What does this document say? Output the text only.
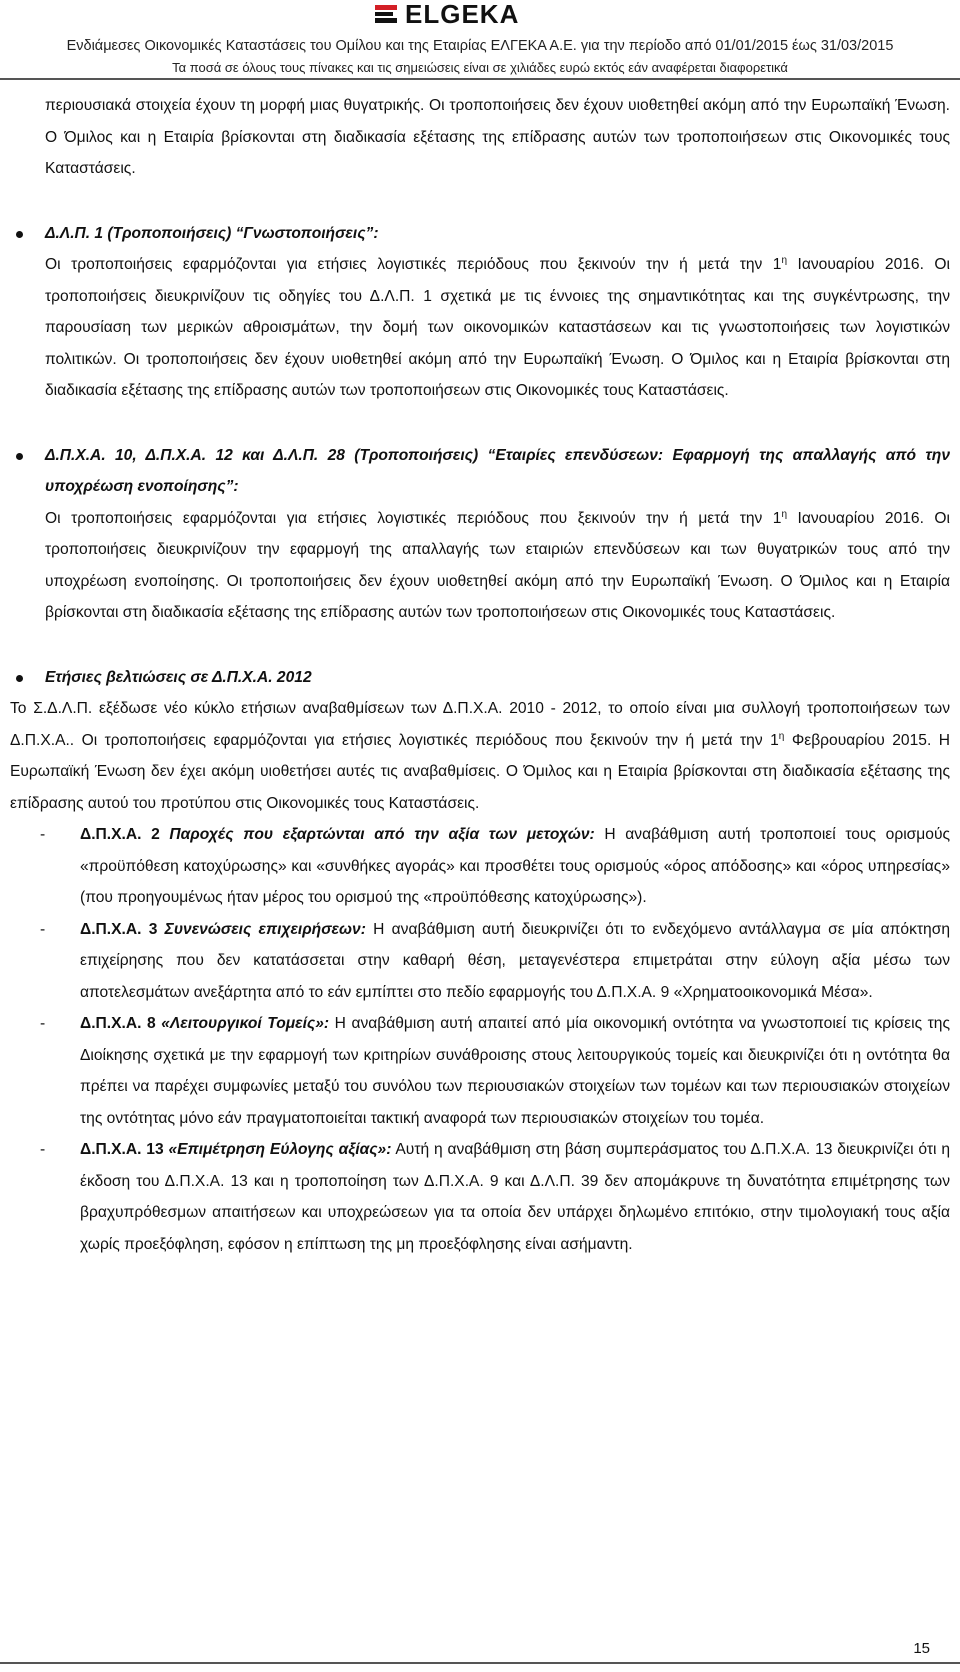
ELGEKA
Ενδιάμεσες Οικονομικές Καταστάσεις του Ομίλου και της Εταιρίας ΕΛΓΕΚΑ Α.Ε. για την περίοδο από 01/01/2015 έως 31/03/2015
Τα ποσά σε όλους τους πίνακες και τις σημειώσεις είναι σε χιλιάδες ευρώ εκτός εάν αναφέρεται διαφορετικά

περιουσιακά στοιχεία έχουν τη μορφή μιας θυγατρικής. Οι τροποποιήσεις δεν έχουν υιοθετηθεί ακόμη από την Ευρωπαϊκή Ένωση. Ο Όμιλος και η Εταιρία βρίσκονται στη διαδικασία εξέτασης της επίδρασης αυτών των τροποποιήσεων στις Οικονομικές τους Καταστάσεις.

Δ.Λ.Π. 1 (Τροποποιήσεις) “Γνωστοποιήσεις”:

Οι τροποποιήσεις εφαρμόζονται για ετήσιες λογιστικές περιόδους που ξεκινούν την ή μετά την $1^\eta$ Ιανουαρίου 2016. Οι τροποποιήσεις διευκρινίζουν τις οδηγίες του Δ.Λ.Π. 1 σχετικά με τις έννοιες της σημαντικότητας και της συγκέντρωσης, την παρουσίαση των μερικών αθροισμάτων, την δομή των οικονομικών καταστάσεων και τις γνωστοποιήσεις των λογιστικών πολιτικών. Οι τροποποιήσεις δεν έχουν υιοθετηθεί ακόμη από την Ευρωπαϊκή Ένωση. Ο Όμιλος και η Εταιρία βρίσκονται στη διαδικασία εξέτασης της επίδρασης αυτών των τροποποιήσεων στις Οικονομικές τους Καταστάσεις.

Δ.Π.Χ.Α. 10, Δ.Π.Χ.Α. 12 και Δ.Λ.Π. 28 (Τροποποιήσεις) “Εταιρίες επενδύσεων: Εφαρμογή της απαλλαγής από την υποχρέωση ενοποίησης”:

Οι τροποποιήσεις εφαρμόζονται για ετήσιες λογιστικές περιόδους που ξεκινούν την ή μετά την $1^\eta$ Ιανουαρίου 2016. Οι τροποποιήσεις διευκρινίζουν την εφαρμογή της απαλλαγής των εταιριών επενδύσεων και των θυγατρικών τους από την υποχρέωση ενοποίησης. Οι τροποποιήσεις δεν έχουν υιοθετηθεί ακόμη από την Ευρωπαϊκή Ένωση. Ο Όμιλος και η Εταιρία βρίσκονται στη διαδικασία εξέτασης της επίδρασης αυτών των τροποποιήσεων στις Οικονομικές τους Καταστάσεις.

Ετήσιες βελτιώσεις σε Δ.Π.Χ.Α. 2012

Το Σ.Δ.Λ.Π. εξέδωσε νέο κύκλο ετήσιων αναβαθμίσεων των Δ.Π.Χ.Α. 2010 - 2012, το οποίο είναι μια συλλογή τροποποιήσεων των Δ.Π.Χ.Α.. Οι τροποποιήσεις εφαρμόζονται για ετήσιες λογιστικές περιόδους που ξεκινούν την ή μετά την $1^\eta$ Φεβρουαρίου 2015. Η Ευρωπαϊκή Ένωση δεν έχει ακόμη υιοθετήσει αυτές τις αναβαθμίσεις. Ο Όμιλος και η Εταιρία βρίσκονται στη διαδικασία εξέτασης της επίδρασης αυτού του προτύπου στις Οικονομικές τους Καταστάσεις.

- Δ.Π.Χ.Α. 2 Παροχές που εξαρτώνται από την αξία των μετοχών: Η αναβάθμιση αυτή τροποποιεί τους ορισμούς «προϋπόθεση κατοχύρωσης» και «συνθήκες αγοράς» και προσθέτει τους ορισμούς «όρος απόδοσης» και «όρος υπηρεσίας» (που προηγουμένως ήταν μέρος του ορισμού της «προϋπόθεσης κατοχύρωσης»).

- Δ.Π.Χ.Α. 3 Συνενώσεις επιχειρήσεων: Η αναβάθμιση αυτή διευκρινίζει ότι το ενδεχόμενο αντάλλαγμα σε μία απόκτηση επιχείρησης που δεν κατατάσσεται στην καθαρή θέση, μεταγενέστερα επιμετράται στην εύλογη αξία μέσω των αποτελεσμάτων ανεξάρτητα από το εάν εμπίπτει στο πεδίο εφαρμογής του Δ.Π.Χ.Α. 9 «Χρηματοοικονομικά Μέσα».

- Δ.Π.Χ.Α. 8 «Λειτουργικοί Τομείς»: Η αναβάθμιση αυτή απαιτεί από μία οικονομική οντότητα να γνωστοποιεί τις κρίσεις της Διοίκησης σχετικά με την εφαρμογή των κριτηρίων συνάθροισης στους λειτουργικούς τομείς και διευκρινίζει ότι η οντότητα θα πρέπει να παρέχει συμφωνίες μεταξύ του συνόλου των περιουσιακών στοιχείων των τομέων και των περιουσιακών στοιχείων της οντότητας μόνο εάν πραγματοποιείται τακτική αναφορά των περιουσιακών στοιχείων του τομέα.

- Δ.Π.Χ.Α. 13 «Επιμέτρηση Εύλογης αξίας»: Αυτή η αναβάθμιση στη βάση συμπεράσματος του Δ.Π.Χ.Α. 13 διευκρινίζει ότι η έκδοση του Δ.Π.Χ.Α. 13 και η τροποποίηση των Δ.Π.Χ.Α. 9 και Δ.Λ.Π. 39 δεν απομάκρυνε τη δυνατότητα επιμέτρησης των βραχυπρόθεσμων απαιτήσεων και υποχρεώσεων για τα οποία δεν υπάρχει δηλωμένο επιτόκιο, στην τιμολογιακή τους αξία χωρίς προεξόφληση, εφόσον η επίπτωση της μη προεξόφλησης είναι ασήμαντη.

15
